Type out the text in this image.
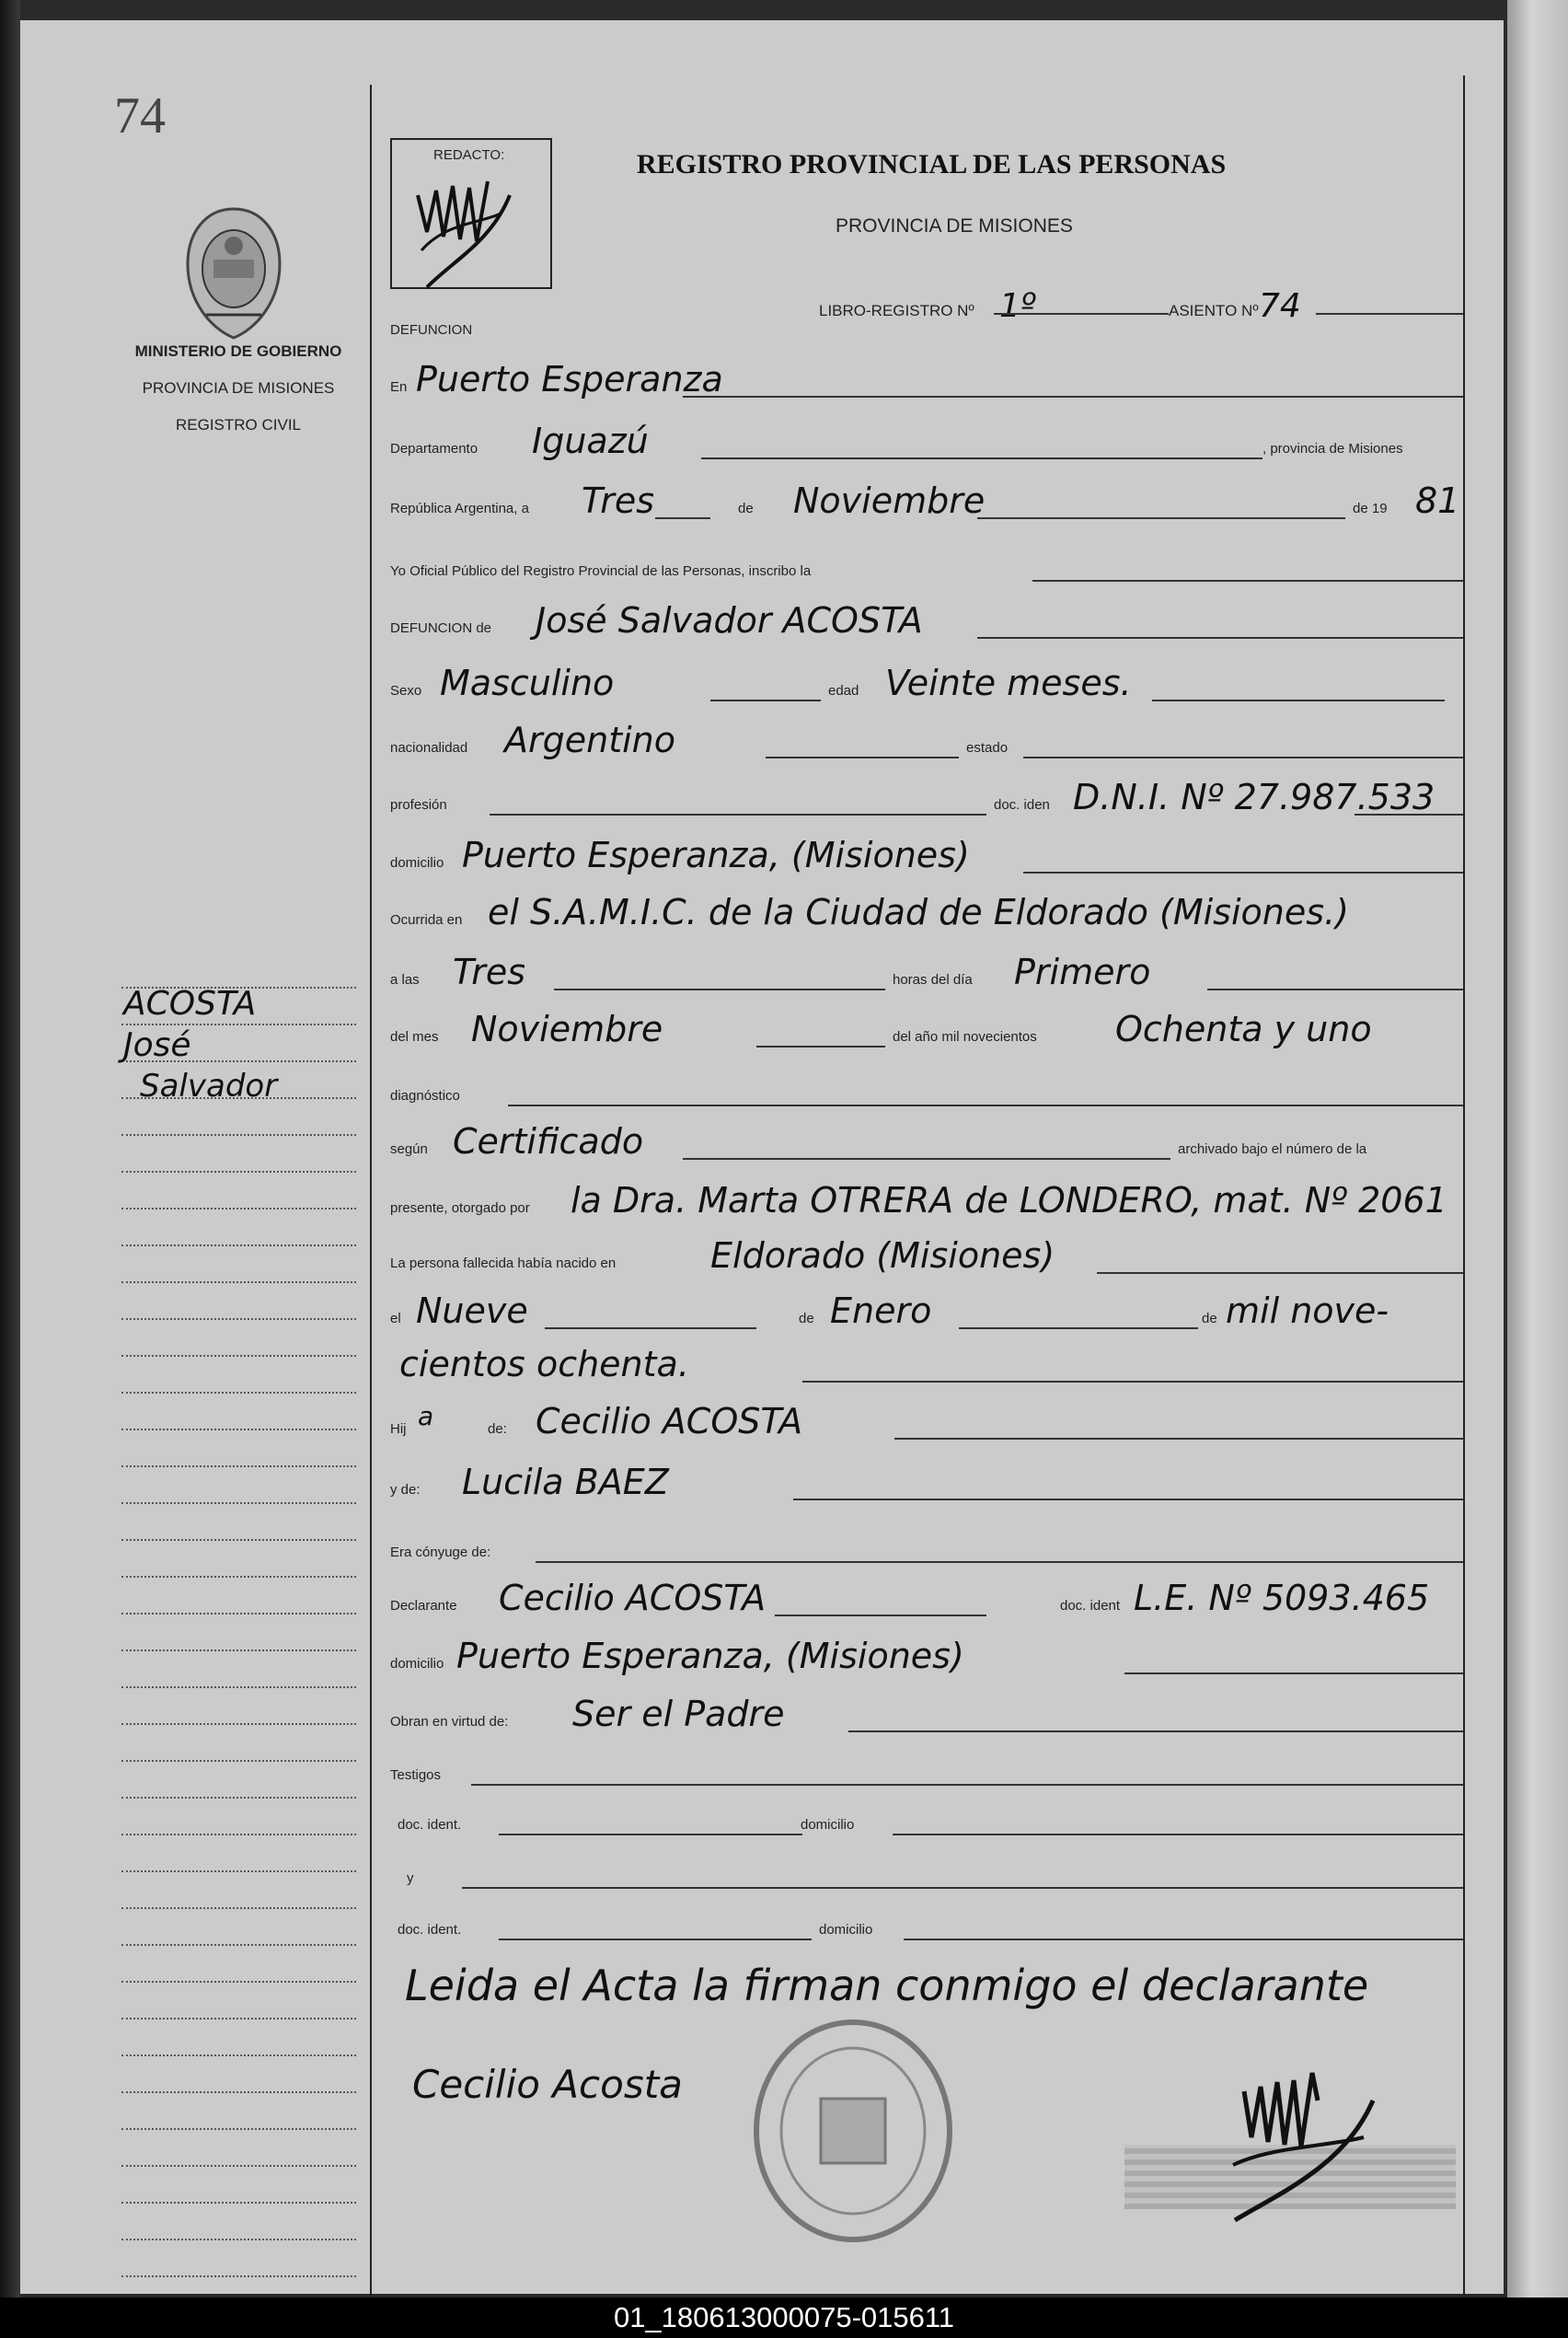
74
MINISTERIO DE GOBIERNO
PROVINCIA DE MISIONES
REGISTRO CIVIL
ACOSTA
José
Salvador
REDACTO:
DEFUNCION
REGISTRO PROVINCIAL DE LAS PERSONAS
PROVINCIA DE MISIONES
LIBRO-REGISTRO Nº 1º	ASIENTO Nº 74
En Puerto Esperanza
Departamento Iguazú	, provincia de Misiones
República Argentina, a Tres	de Noviembre	de 19 81
Yo Oficial Público del Registro Provincial de las Personas, inscribo la
DEFUNCION de José Salvador ACOSTA
Sexo Masculino	edad Veinte meses.
nacionalidad Argentino	estado
profesión	doc. iden D.N.I. Nº 27.987.533
domicilio Puerto Esperanza, (Misiones)
Ocurrida en el S.A.M.I.C. de la Ciudad de Eldorado (Misiones.)
a las Tres	horas del día Primero
del mes Noviembre	del año mil novecientos Ochenta y uno
diagnóstico
según Certificado	archivado bajo el número de la
presente, otorgado por la Dra. Marta OTRERA de LONDERO, mat. Nº 2061
La persona fallecida había nacido en	Eldorado (Misiones)
el Nueve	de Enero	de mil nove-
cientos ochenta.
Hij a	de: Cecilio ACOSTA
y de: Lucila BAEZ
Era cónyuge de:
Declarante Cecilio ACOSTA	doc. ident L.E. Nº 5093.465
domicilio Puerto Esperanza, (Misiones)
Obran en virtud de: Ser el Padre
Testigos
doc. ident.	domicilio
y
doc. ident.	domicilio
Leida el Acta la firman conmigo el declarante
Cecilio Acosta
01_180613000075-015611
